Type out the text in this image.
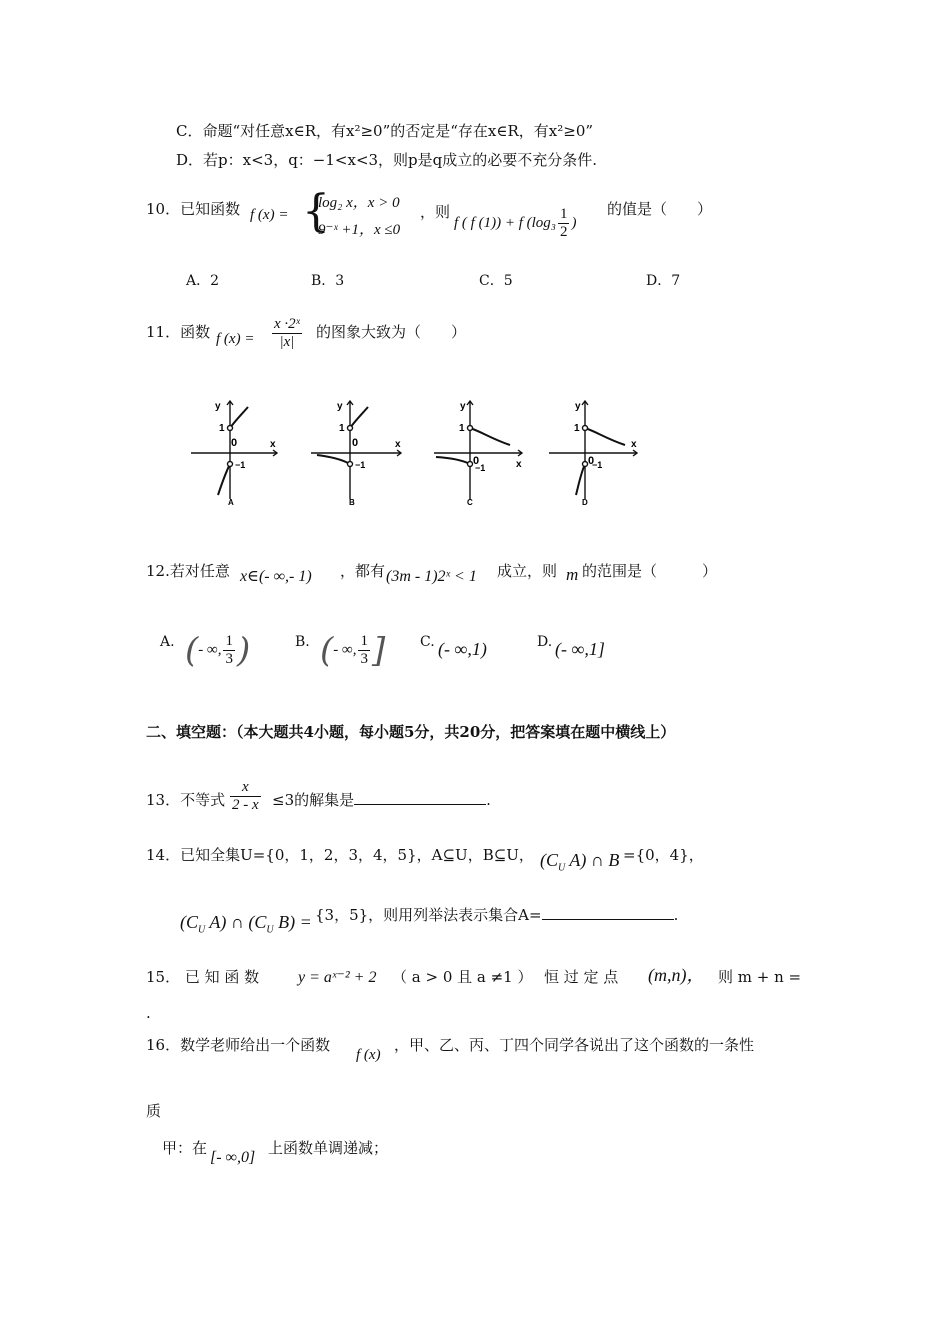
C．命题“对任意x∈R，有x²≥0”的否定是“存在x∈R，有x²≥0”
D．若p：x<3，q：−1<x<3，则p是q成立的必要不充分条件.
10．已知函数 f (x) = {
log₂ x，x > 0
9⁻ˣ +1，x ≤0
，则
f ( f (1)) + f ($\log_3 \frac{1}{2}$ )
的值是（　　）
A．2	B．3	C．5	D．7
11．函数 f $(x) = \frac{\text{x ·2ˣ}}{|x|}$ 的图象大致为（　　）
y
x
1
0
−1
A
y
x
1
0
−1
B
y
x
1
0
−1
C
y
x
1
0
−1
D
12.若对任意 x∈(- ∞,- 1) ，都有 (3m - 1)2ˣ < 1 成立，则 m 的范围是（　　　）
A. (- ∞, $\frac{1}{3}$ )	B. (- ∞, $\frac{1}{3}$ ] C. (- ∞,1)	D. (- ∞,1]
二、填空题：（本大题共4小题，每小题5分，共20分，把答案填在题中横线上）
13．不等式 $\frac{x}{2 - x} \le 3$的解集是	.
14．已知全集U={0，1，2，3，4，5}，A⊆U，B⊆U， ($C_U$ A) ∩ B ={0，4}，
($C_U$ A) ∩ ($C_U$ B) = {3，5}，则用列举法表示集合A=	.
15． 已 知 函 数 y = aˣ⁻² + 2 （ a > 0 且 a ≠1 ） 恒 过 定 点 (m,n)， 则 m + n =
.
16．数学老师给出一个函数
f (x)
，甲、乙、丙、丁四个同学各说出了这个函数的一条性
质
甲：在
[- ∞,0]
上函数单调递减；
